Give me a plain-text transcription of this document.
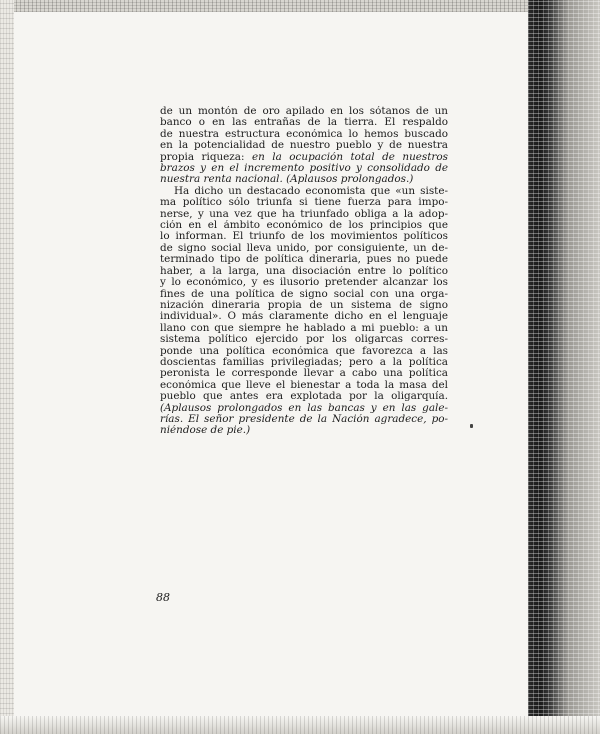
de un montón de oro apilado en los sótanos de un
banco o en las entrañas de la tierra. El respaldo
de nuestra estructura económica lo hemos buscado
en la potencialidad de nuestro pueblo y de nuestra
propia riqueza: en la ocupación total de nuestros
brazos y en el incremento positivo y consolidado de
nuestra renta nacional. (Aplausos prolongados.)
Ha dicho un destacado economista que «un siste-
ma político sólo triunfa si tiene fuerza para impo-
nerse, y una vez que ha triunfado obliga a la adop-
ción en el ámbito económico de los principios que
lo informan. El triunfo de los movimientos políticos
de signo social lleva unido, por consiguiente, un de-
terminado tipo de política dineraria, pues no puede
haber, a la larga, una disociación entre lo político
y lo económico, y es ilusorio pretender alcanzar los
fines de una política de signo social con una orga-
nización dineraria propia de un sistema de signo
individual». O más claramente dicho en el lenguaje
llano con que siempre he hablado a mi pueblo: a un
sistema político ejercido por los oligarcas corres-
ponde una política económica que favorezca a las
doscientas familias privilegiadas; pero a la política
peronista le corresponde llevar a cabo una política
económica que lleve el bienestar a toda la masa del
pueblo que antes era explotada por la oligarquía.
(Aplausos prolongados en las bancas y en las gale-
rías. El señor presidente de la Nación agradece, po-
niéndose de pie.)
88
